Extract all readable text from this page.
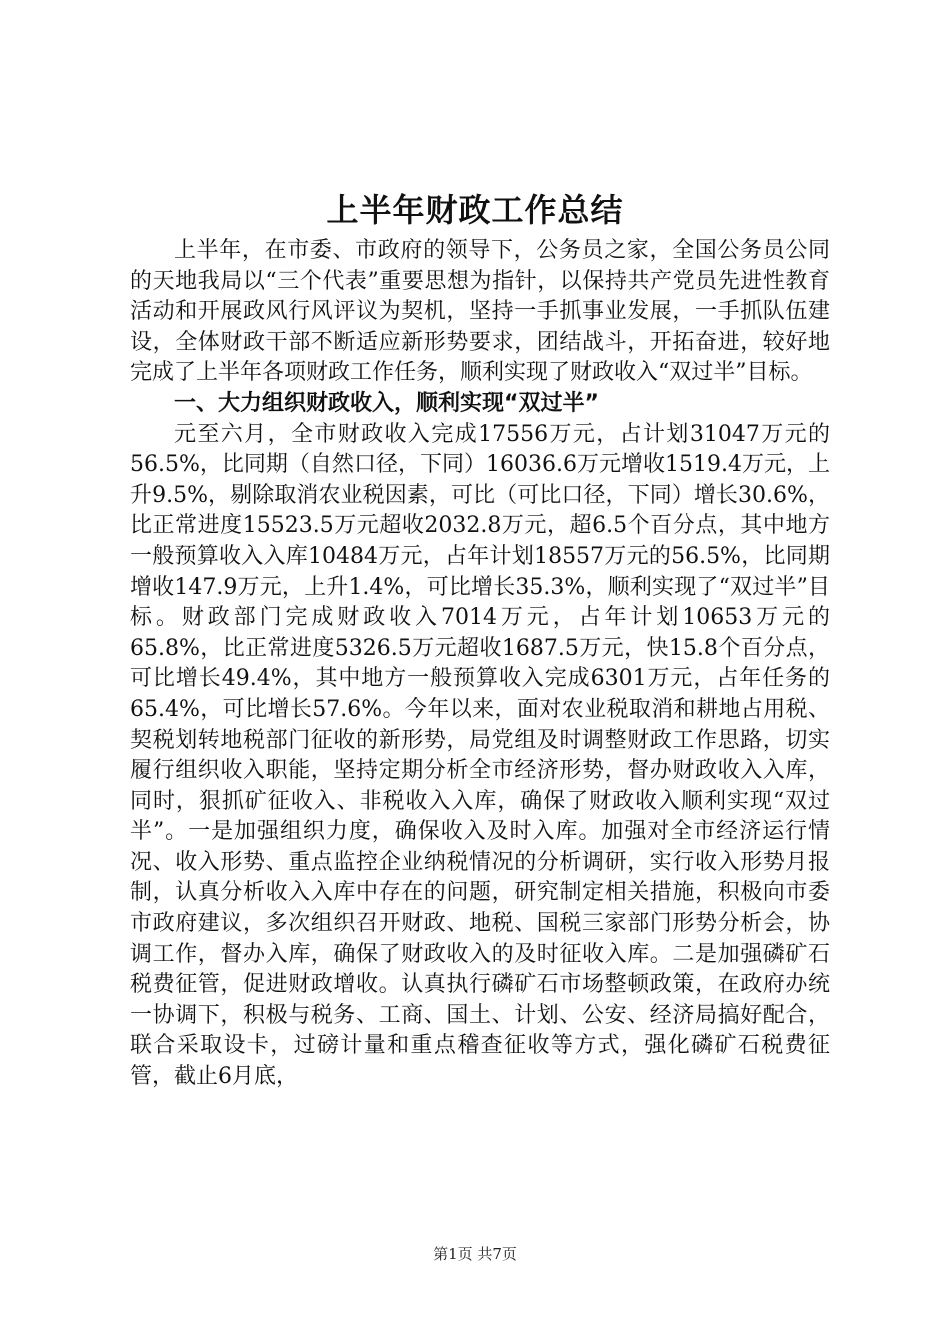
上半年财政工作总结

上半年，在市委、市政府的领导下，公务员之家，全国公务员公同的天地我局以“三个代表”重要思想为指针，以保持共产党员先进性教育活动和开展政风行风评议为契机，坚持一手抓事业发展，一手抓队伍建设，全体财政干部不断适应新形势要求，团结战斗，开拓奋进，较好地完成了上半年各项财政工作任务，顺利实现了财政收入“双过半”目标。

一、大力组织财政收入，顺利实现“双过半”

元至六月，全市财政收入完成17556万元，占计划31047万元的56.5%，比同期（自然口径，下同）16036.6万元增收1519.4万元，上升9.5%，剔除取消农业税因素，可比（可比口径，下同）增长30.6%，比正常进度15523.5万元超收2032.8万元，超6.5个百分点，其中地方一般预算收入入库10484万元，占年计划18557万元的56.5%，比同期增收147.9万元，上升1.4%，可比增长35.3%，顺利实现了“双过半”目标。财政部门完成财政收入7014万元，占年计划10653万元的65.8%，比正常进度5326.5万元超收1687.5万元，快15.8个百分点，可比增长49.4%，其中地方一般预算收入完成6301万元，占年任务的65.4%，可比增长57.6%。今年以来，面对农业税取消和耕地占用税、契税划转地税部门征收的新形势，局党组及时调整财政工作思路，切实履行组织收入职能，坚持定期分析全市经济形势，督办财政收入入库，同时，狠抓矿征收入、非税收入入库，确保了财政收入顺利实现“双过半”。一是加强组织力度，确保收入及时入库。加强对全市经济运行情况、收入形势、重点监控企业纳税情况的分析调研，实行收入形势月报制，认真分析收入入库中存在的问题，研究制定相关措施，积极向市委市政府建议，多次组织召开财政、地税、国税三家部门形势分析会，协调工作，督办入库，确保了财政收入的及时征收入库。二是加强磷矿石税费征管，促进财政增收。认真执行磷矿石市场整顿政策，在政府办统一协调下，积极与税务、工商、国土、计划、公安、经济局搞好配合，联合采取设卡，过磅计量和重点稽查征收等方式，强化磷矿石税费征管，截止6月底，

第1页 共7页
